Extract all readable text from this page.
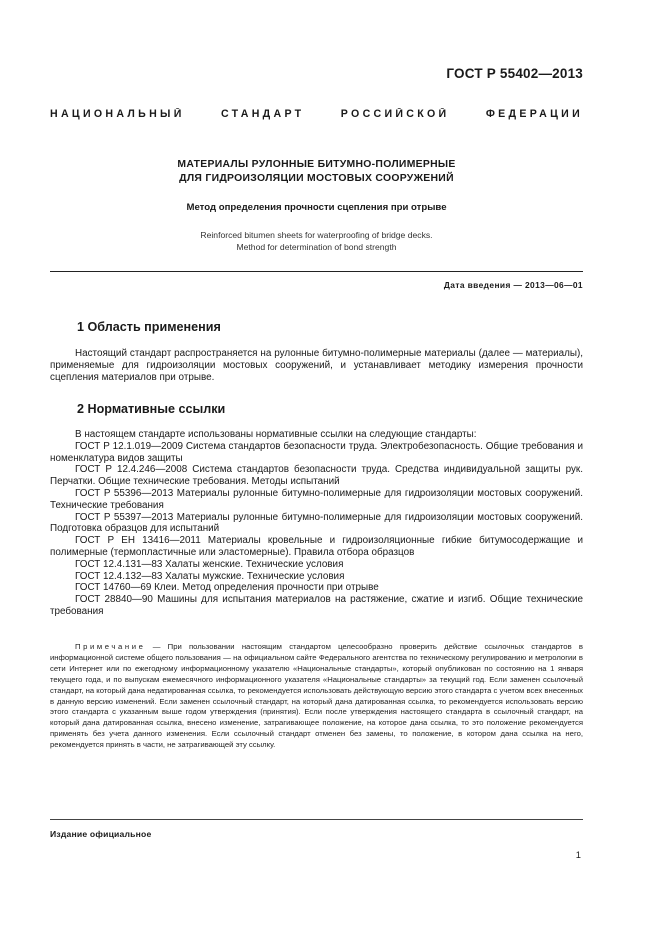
ГОСТ Р 55402—2013
НАЦИОНАЛЬНЫЙ СТАНДАРТ РОССИЙСКОЙ ФЕДЕРАЦИИ
МАТЕРИАЛЫ РУЛОННЫЕ БИТУМНО-ПОЛИМЕРНЫЕ
ДЛЯ ГИДРОИЗОЛЯЦИИ МОСТОВЫХ СООРУЖЕНИЙ
Метод определения прочности сцепления при отрыве
Reinforced bitumen sheets for waterproofing of bridge decks.
Method for determination of bond strength
Дата введения — 2013—06—01
1 Область применения
Настоящий стандарт распространяется на рулонные битумно-полимерные материалы (далее — материалы), применяемые для гидроизоляции мостовых сооружений, и устанавливает методику измерения прочности сцепления материалов при отрыве.
2 Нормативные ссылки

В настоящем стандарте использованы нормативные ссылки на следующие стандарты:

ГОСТ Р 12.1.019—2009 Система стандартов безопасности труда. Электробезопасность. Общие требования и номенклатура видов защиты

ГОСТ Р 12.4.246—2008 Система стандартов безопасности труда. Средства индивидуальной защиты рук. Перчатки. Общие технические требования. Методы испытаний

ГОСТ Р 55396—2013 Материалы рулонные битумно-полимерные для гидроизоляции мостовых сооружений. Технические требования

ГОСТ Р 55397—2013 Материалы рулонные битумно-полимерные для гидроизоляции мостовых сооружений. Подготовка образцов для испытаний

ГОСТ Р ЕН 13416—2011 Материалы кровельные и гидроизоляционные гибкие битумосодержащие и полимерные (термопластичные или эластомерные). Правила отбора образцов

ГОСТ 12.4.131—83 Халаты женские. Технические условия

ГОСТ 12.4.132—83 Халаты мужские. Технические условия

ГОСТ 14760—69 Клеи. Метод определения прочности при отрыве

ГОСТ 28840—90 Машины для испытания материалов на растяжение, сжатие и изгиб. Общие технические требования

Примечание — При пользовании настоящим стандартом целесообразно проверить действие ссылочных стандартов в информационной системе общего пользования — на официальном сайте Федерального агентства по техническому регулированию и метрологии в сети Интернет или по ежегодному информационному указателю «Национальные стандарты», который опубликован по состоянию на 1 января текущего года, и по выпускам ежемесячного информационного указателя «Национальные стандарты» за текущий год. Если заменен ссылочный стандарт, на который дана недатированная ссылка, то рекомендуется использовать действующую версию этого стандарта с учетом всех внесенных в данную версию изменений. Если заменен ссылочный стандарт, на который дана датированная ссылка, то рекомендуется использовать версию этого стандарта с указанным выше годом утверждения (принятия). Если после утверждения настоящего стандарта в ссылочный стандарт, на который дана датированная ссылка, внесено изменение, затрагивающее положение, на которое дана ссылка, то это положение рекомендуется применять без учета данного изменения. Если ссылочный стандарт отменен без замены, то положение, в котором дана ссылка на него, рекомендуется принять в части, не затрагивающей эту ссылку.
Издание официальное
1
